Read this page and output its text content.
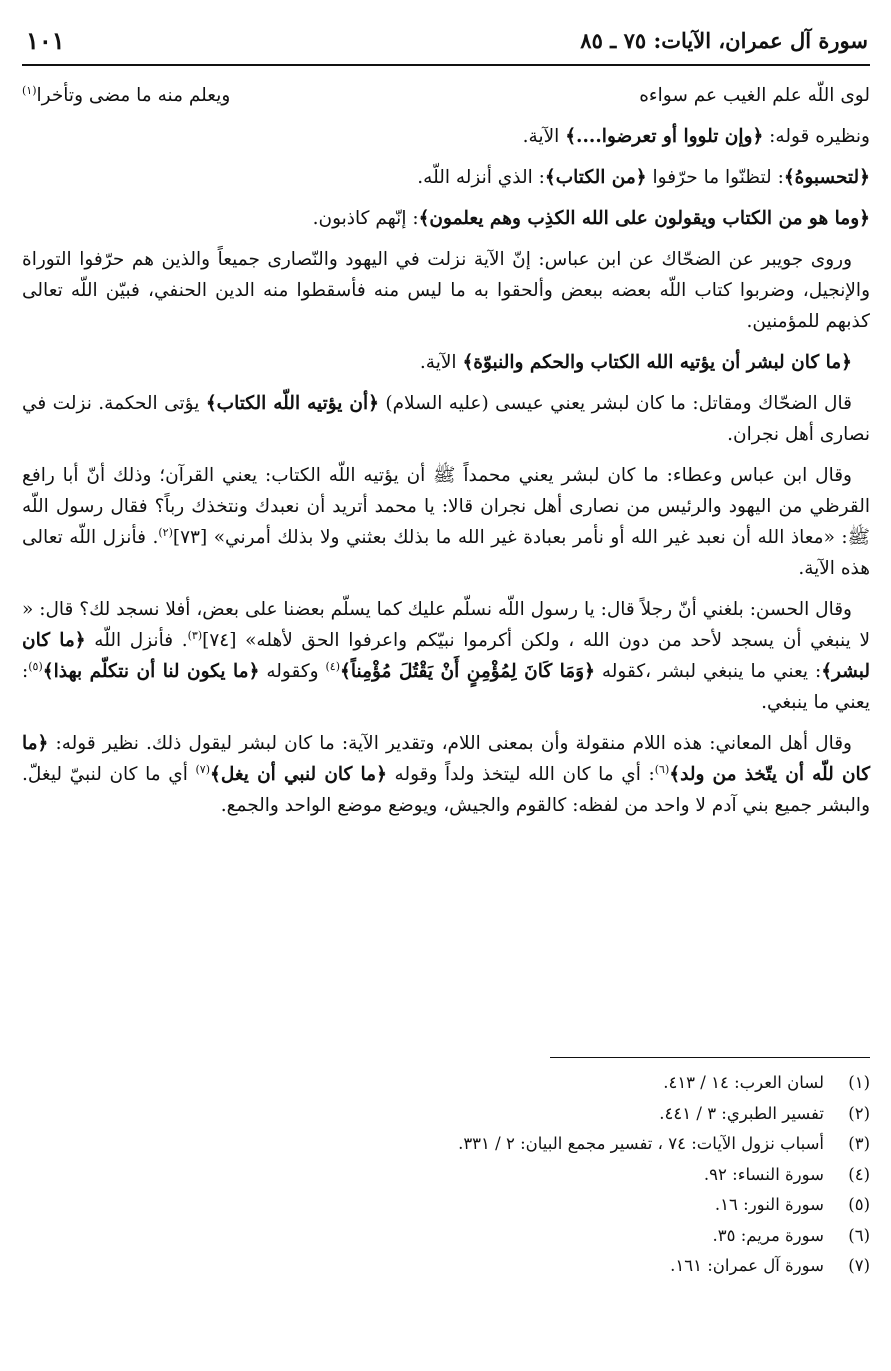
سورة آل عمران، الآيات: ٧٥ ـ ٨٥
١٠١
لوى اللّه علم الغيب عم سواءه
ويعلم منه ما مضى وتأخرا$^{(١)}$

ونظيره قوله: ﴿وإن تلووا أو تعرضوا....﴾ الآية.

﴿لتحسبوهُ﴾: لتظنّوا ما حرّفوا ﴿من الكتاب﴾: الذي أنزله اللّه.

﴿وما هو من الكتاب ويقولون على الله الكذِب وهم يعلمون﴾: إنّهم كاذبون.

وروى جويبر عن الضحّاك عن ابن عباس: إنّ الآية نزلت في اليهود والنّصارى جميعاً والذين هم حرّفوا التوراة والإنجيل، وضربوا كتاب اللّه بعضه ببعض وألحقوا به ما ليس منه فأسقطوا منه الدين الحنفي، فبيّن اللّه تعالى كذبهم للمؤمنين.

﴿ما كان لبشر أن يؤتيه الله الكتاب والحكم والنبوّة﴾ الآية.

قال الضحّاك ومقاتل: ما كان لبشر يعني عيسى (عليه السلام) ﴿أن يؤتيه اللّه الكتاب﴾ يؤتى الحكمة. نزلت في نصارى أهل نجران.

وقال ابن عباس وعطاء: ما كان لبشر يعني محمداً ﷺ أن يؤتيه اللّه الكتاب: يعني القرآن؛ وذلك أنّ أبا رافع القرظي من اليهود والرئيس من نصارى أهل نجران قالا: يا محمد أتريد أن نعبدك ونتخذك رباً؟ فقال رسول اللّه ﷺ: «معاذ الله أن نعبد غير الله أو نأمر بعبادة غير الله ما بذلك بعثني ولا بذلك أمرني» [٧٣]$^{(٢)}$. فأنزل اللّه تعالى هذه الآية.

وقال الحسن: بلغني أنّ رجلاً قال: يا رسول اللّه نسلّم عليك كما يسلّم بعضنا على بعض، أفلا نسجد لك؟ قال: « لا ينبغي أن يسجد لأحد من دون الله ، ولكن أكرموا نبيّكم واعرفوا الحق لأهله» [٧٤]$^{(٣)}$. فأنزل اللّه ﴿ما كان لبشر﴾: يعني ما ينبغي لبشر ،كقوله ﴿وَمَا كَانَ لِمُؤْمِنٍ أَنْ يَقْتُلَ مُؤْمِناً﴾$^{(٤)}$ وكقوله ﴿ما يكون لنا أن نتكلّم بهذا﴾$^{(٥)}$: يعني ما ينبغي.

وقال أهل المعاني: هذه اللام منقولة وأن بمعنى اللام، وتقدير الآية: ما كان لبشر ليقول ذلك. نظير قوله: ﴿ما كان للّه أن يتّخذ من ولد﴾$^{(٦)}$: أي ما كان الله ليتخذ ولداً وقوله ﴿ما كان لنبي أن يغل﴾$^{(٧)}$ أي ما كان لنبيّ ليغلّ. والبشر جميع بني آدم لا واحد من لفظه: كالقوم والجيش، ويوضع موضع الواحد والجمع.

(١)
لسان العرب: ١٤ / ٤١٣.
(٢)
تفسير الطبري: ٣ / ٤٤١.
(٣)
أسباب نزول الآيات: ٧٤ ، تفسير مجمع البيان: ٢ / ٣٣١.
(٤)
سورة النساء: ٩٢.
(٥)
سورة النور: ١٦.
(٦)
سورة مريم: ٣٥.
(٧)
سورة آل عمران: ١٦١.
